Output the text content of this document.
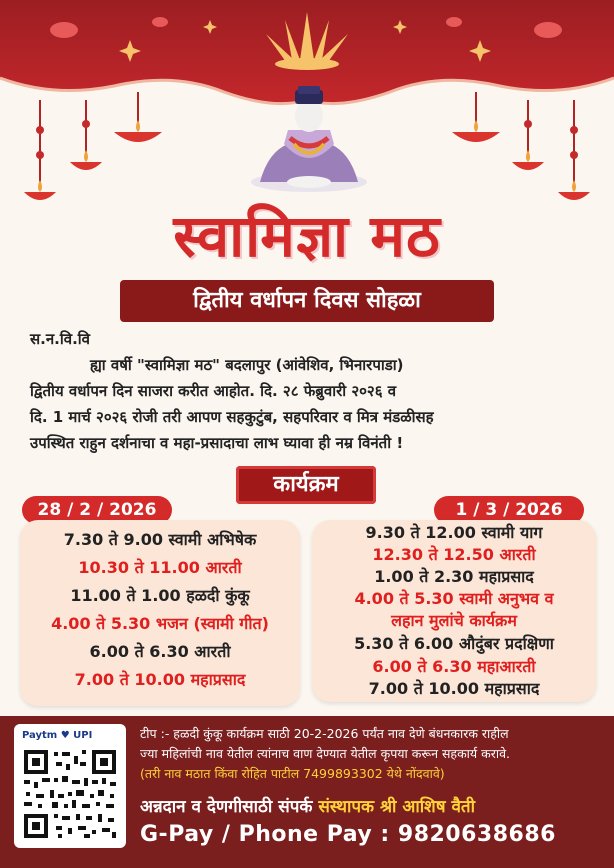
स्वामिज्ञा मठ
द्वितीय वर्धापन दिवस सोहळा

स.न.वि.वि

ह्या वर्षी "स्वामिज्ञा मठ" बदलापुर (आंवेशिव, भिनारपाडा)

द्वितीय वर्धापन दिन साजरा करीत आहोत. दि. २८ फेब्रुवारी २०२६ व

दि. 1 मार्च २०२६ रोजी तरी आपण सहकुटुंब, सहपरिवार व मित्र मंडळीसह

उपस्थित राहुन दर्शनाचा व महा-प्रसादाचा लाभ घ्यावा ही नम्र विनंती !

कार्यक्रम
28 / 2 / 2026	1 / 3 / 2026
7.30 ते 9.00 स्वामी अभिषेक
10.30 ते 11.00 आरती
11.00 ते 1.00 हळदी कुंकू
4.00 ते 5.30 भजन (स्वामी गीत)
6.00 ते 6.30 आरती
7.00 ते 10.00 महाप्रसाद
9.30 ते 12.00 स्वामी याग
12.30 ते 12.50 आरती
1.00 ते 2.30 महाप्रसाद
4.00 ते 5.30 स्वामी अनुभव व लहान मुलांचे कार्यक्रम
5.30 ते 6.00 औदुंबर प्रदक्षिणा
6.00 ते 6.30 महाआरती
7.00 ते 10.00 महाप्रसाद
Paytm ♥ UPI	टीप :- हळदी कुंकू कार्यक्रम साठी 20-2-2026 पर्यंत नाव देणे बंधनकारक राहील
ज्या महिलांची नाव येतील त्यांनाच वाण देण्यात येतील कृपया करून सहकार्य करावे.
(तरी नाव मठात किंवा रोहित पाटील 7499893302 येथे नोंदवावे)
अन्नदान व देणगीसाठी संपर्क संस्थापक श्री आशिष वैती
G-Pay / Phone Pay : 9820638686
